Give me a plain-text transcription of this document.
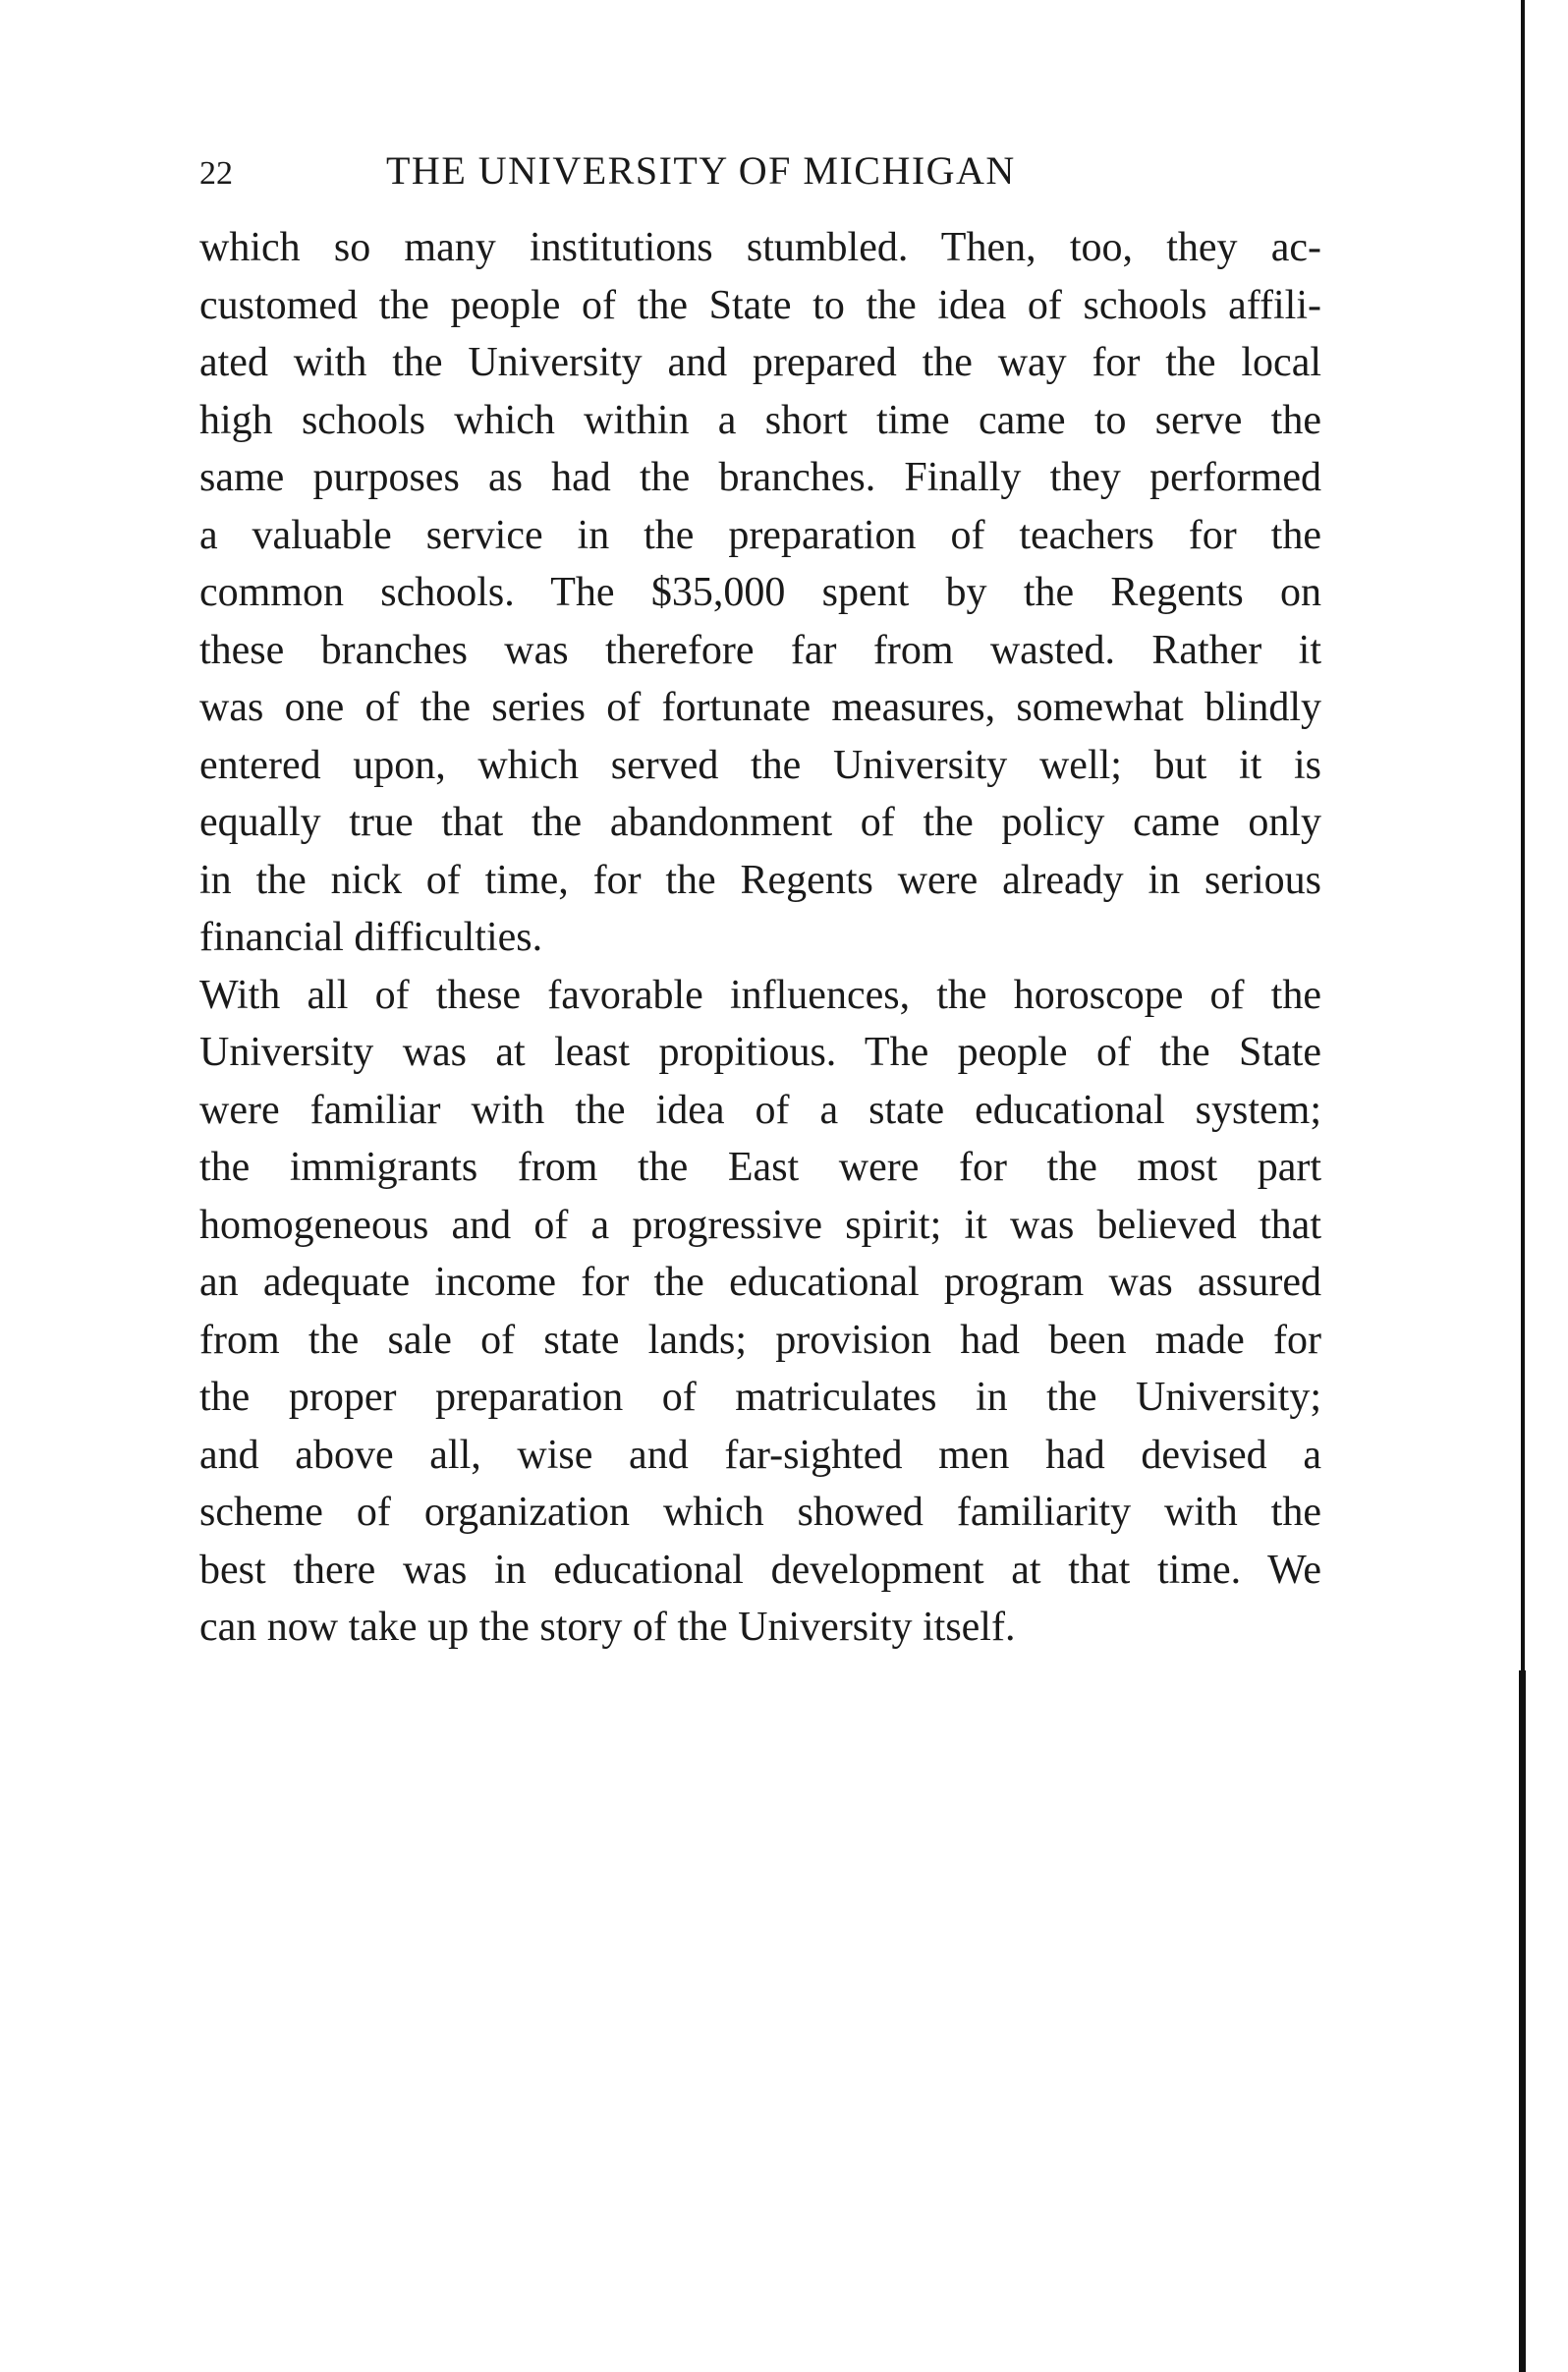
22	THE UNIVERSITY OF MICHIGAN
which so many institutions stumbled. Then, too, they ac-
customed the people of the State to the idea of schools affili-
ated with the University and prepared the way for the local
high schools which within a short time came to serve the
same purposes as had the branches. Finally they performed
a valuable service in the preparation of teachers for the
common schools. The $35,000 spent by the Regents on
these branches was therefore far from wasted. Rather it
was one of the series of fortunate measures, somewhat blindly
entered upon, which served the University well; but it is
equally true that the abandonment of the policy came only
in the nick of time, for the Regents were already in serious
financial difficulties.
With all of these favorable influences, the horoscope of the
University was at least propitious. The people of the State
were familiar with the idea of a state educational system;
the immigrants from the East were for the most part
homogeneous and of a progressive spirit; it was believed that
an adequate income for the educational program was assured
from the sale of state lands; provision had been made for
the proper preparation of matriculates in the University;
and above all, wise and far-sighted men had devised a
scheme of organization which showed familiarity with the
best there was in educational development at that time. We
can now take up the story of the University itself.
